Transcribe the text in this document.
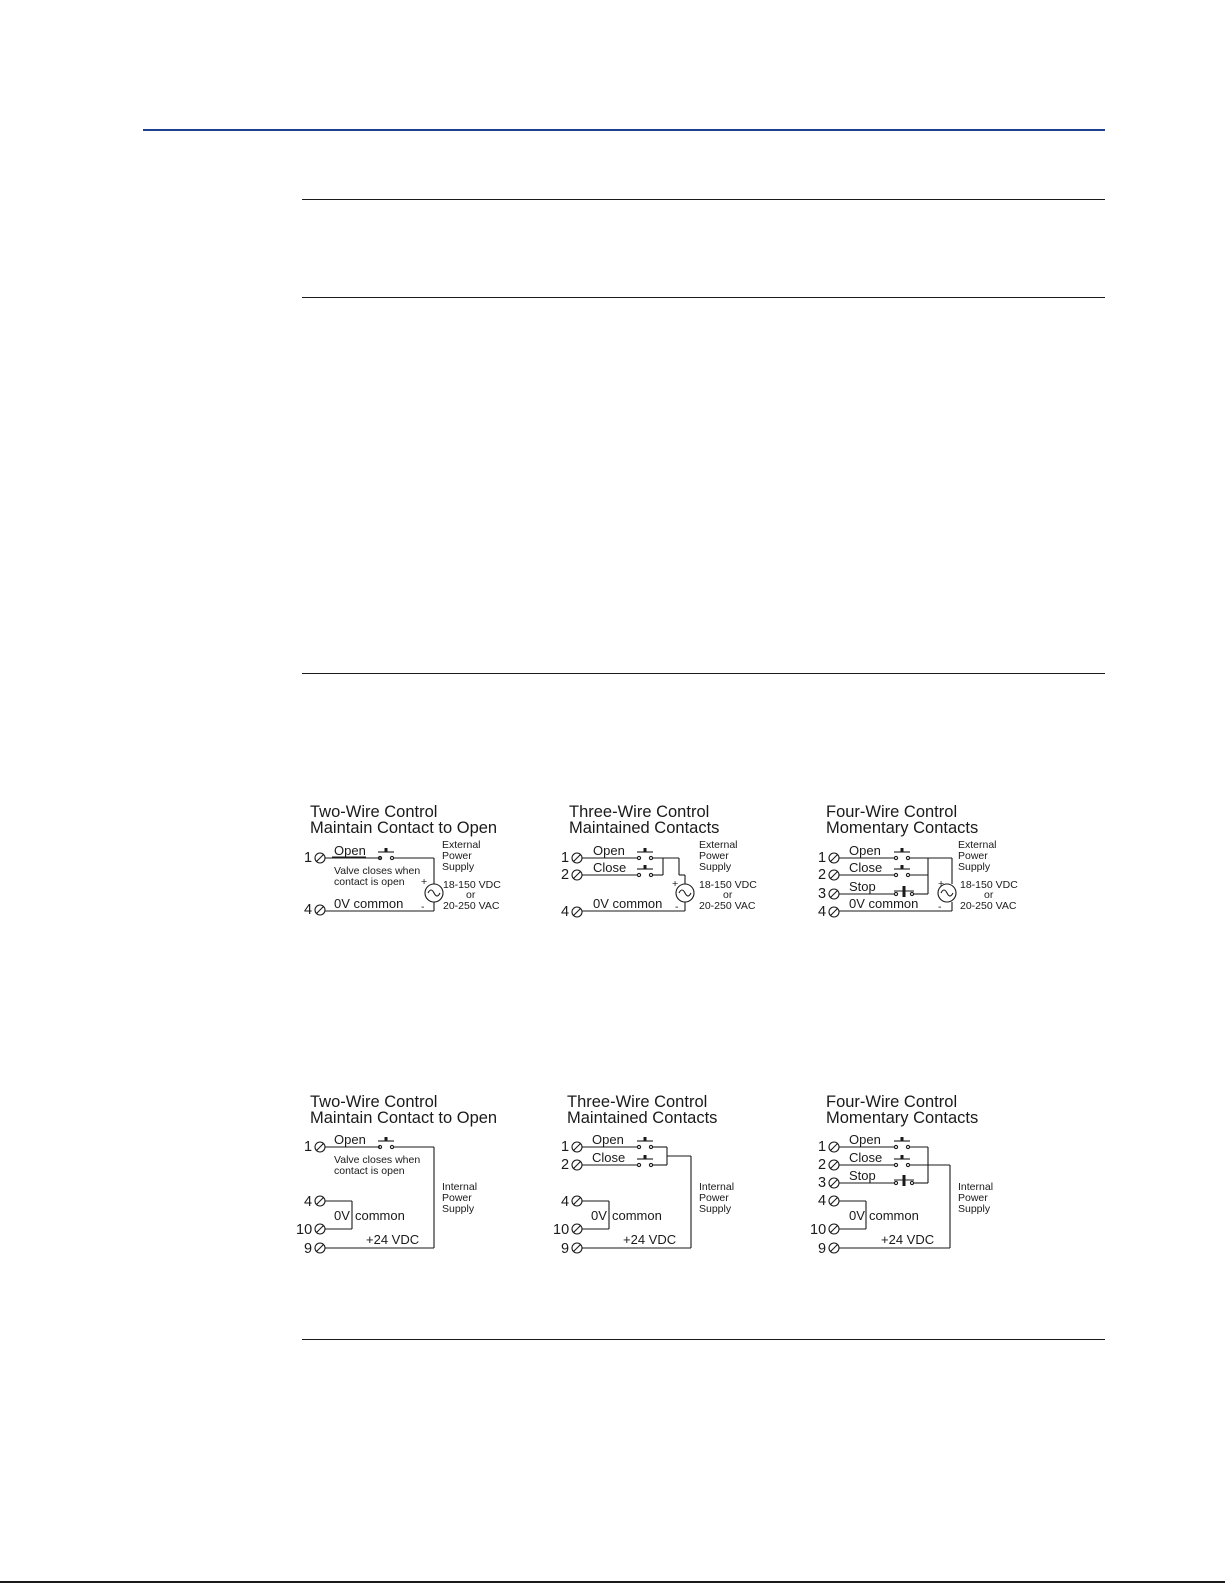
Two-Wire Control
Maintain Contact to Open
1 Open
Valve closes when
contact is open +
-
4 0V common
External
Power
Supply
18-150 VDC
or
20-250 VAC
Three-Wire Control
Maintained Contacts
1 Open
2 Close
+
-
4
0V common
External
Power
Supply
18-150 VDC
or
20-250 VAC
Four-Wire Control
Momentary Contacts
1 Open
2 Close
3 Stop	+
-
4
0V common
External
Power
Supply
18-150 VDC
or
20-250 VAC
Two-Wire Control
Maintain Contact to Open
1 Open
Valve closes when
contact is open
4
0V common
10
9
+24 VDC
Internal
Power
Supply
Three-Wire Control
Maintained Contacts
1 Open
2 Close
4
0V common
10
9
+24 VDC
Internal
Power
Supply
Four-Wire Control
Momentary Contacts
1 Open
2 Close
3 Stop
4
0V common
10
9
+24 VDC
Internal
Power
Supply
